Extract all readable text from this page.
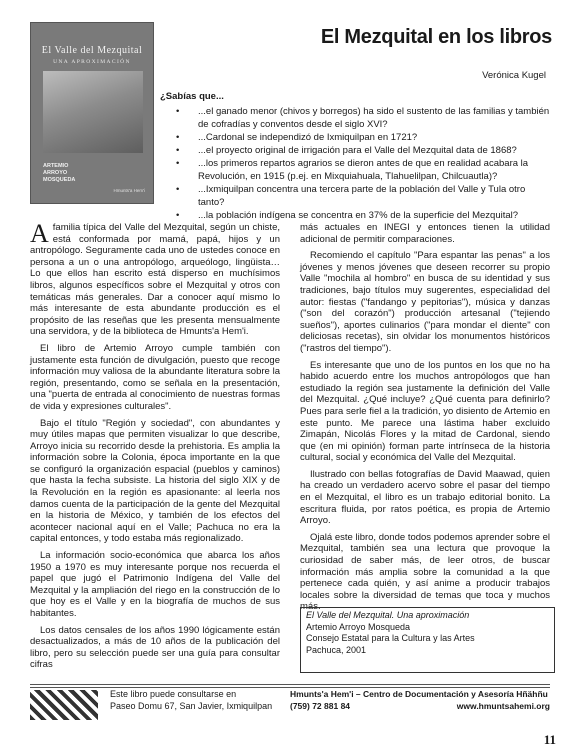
El Valle del Mezquital
UNA APROXIMACIÓN
ARTEMIO
ARROYO
MOSQUEDA
Hmunts'a Hem'i
El Mezquital en los libros
Verónica Kugel
¿Sabías que...
• ...el ganado menor (chivos y borregos) ha sido el sustento de las familias y también de cofradías y conventos desde el siglo XVI?
• ...Cardonal se independizó de Ixmiquilpan en 1721?
• ...el proyecto original de irrigación para el Valle del Mezquital data de 1868?
• ...los primeros repartos agrarios se dieron antes de que en realidad acabara la Revolución, en 1915 (p.ej. en Mixquiahuala, Tlahuelilpan, Chilcuautla)?
• ...Ixmiquilpan concentra una tercera parte de la población del Valle y Tula otro tanto?
• ...la población indígena se concentra en 37% de la superficie del Mezquital?

Afamilia típica del Valle del Mezquital, según un chiste, está conformada por mamá, papá, hijos y un antropólogo. Seguramente cada uno de ustedes conoce en persona a un o una antropólogo, arqueólogo, lingüista… Lo que ellos han escrito está disperso en muchísimos libros, algunos específicos sobre el Mezquital y otros con temáticas más generales. Dar a conocer aquí mismo lo más interesante de esta abundante producción es el propósito de las reseñas que les presenta mensualmente una servidora, y de la biblioteca de Hmunts'a Hem'i.

El libro de Artemio Arroyo cumple también con justamente esta función de divulgación, puesto que recoge información muy valiosa de la abundante literatura sobre la región, presentando, como se señala en la presentación, una "puerta de entrada al conocimiento de nuestras formas de vida y expresiones culturales".

Bajo el título "Región y sociedad", con abundantes y muy útiles mapas que permiten visualizar lo que describe, Arroyo inicia su recorrido desde la prehistoria. Es amplia la información sobre la Colonia, época importante en la que se configuró la organización espacial (pueblos y caminos) que hasta la fecha subsiste. La historia del siglo XIX y de la Revolución en la región es apasionante: al leerla nos damos cuenta de la participación de la gente del Mezquital en la historia de México, y también de los efectos del acontecer nacional aquí en el Valle; Pachuca no era la capital entonces, y todo estaba más regionalizado.

La información socio-económica que abarca los años 1950 a 1970 es muy interesante porque nos recuerda el papel que jugó el Patrimonio Indígena del Valle del Mezquital y la ampliación del riego en la construcción de lo que hoy es el Valle y en la biografía de muchos de sus habitantes.

Los datos censales de los años 1990 lógicamente están desactualizados, a más de 10 años de la publicación del libro, pero su selección puede ser una guía para consultar cifras

más actuales en INEGI y entonces tienen la utilidad adicional de permitir comparaciones.

Recomiendo el capítulo "Para espantar las penas" a los jóvenes y menos jóvenes que deseen recorrer su propio Valle "mochila al hombro" en busca de su identidad y sus tradiciones, bajo títulos muy sugerentes, especialidad del autor: fiestas ("fandango y pepitorias"), música y danzas ("son del corazón") producción artesanal ("tejiendo sueños"), aportes culinarios ("para mondar el diente" con deliciosas recetas), sin olvidar los monumentos históricos ("rastros del tiempo").

Es interesante que uno de los puntos en los que no ha habido acuerdo entre los muchos antropólogos que han estudiado la región sea justamente la definición del Valle del Mezquital. ¿Qué incluye? ¿Qué cuenta para definirlo? Pues para serle fiel a la tradición, yo disiento de Artemio en este punto. Me parece una lástima haber excluido Zimapán, Nicolás Flores y la mitad de Cardonal, siendo que (en mi opinión) forman parte intrínseca de la historia cultural, social y económica del Valle del Mezquital.

Ilustrado con bellas fotografías de David Maawad, quien ha creado un verdadero acervo sobre el pasar del tiempo en el Mezquital, el libro es un trabajo editorial bonito. La escritura fluida, por ratos poética, es propia de Artemio Arroyo.

Ojalá este libro, donde todos podemos aprender sobre el Mezquital, también sea una lectura que provoque la curiosidad de saber más, de leer otros, de buscar información más amplia sobre la comunidad a la que pertenece cada quién, y así anime a producir trabajos locales sobre la diversidad de temas que toca y muchos más.

El Valle del Mezquital. Una aproximación
Artemio Arroyo Mosqueda
Consejo Estatal para la Cultura y las Artes
Pachuca, 2001
Este libro puede consultarse en
Paseo Domu 67, San Javier, Ixmiquilpan
Hmunts'a Hem'i – Centro de Documentación y Asesoría Hñähñu
(759) 72 881 84	www.hmuntsahemi.org
11
